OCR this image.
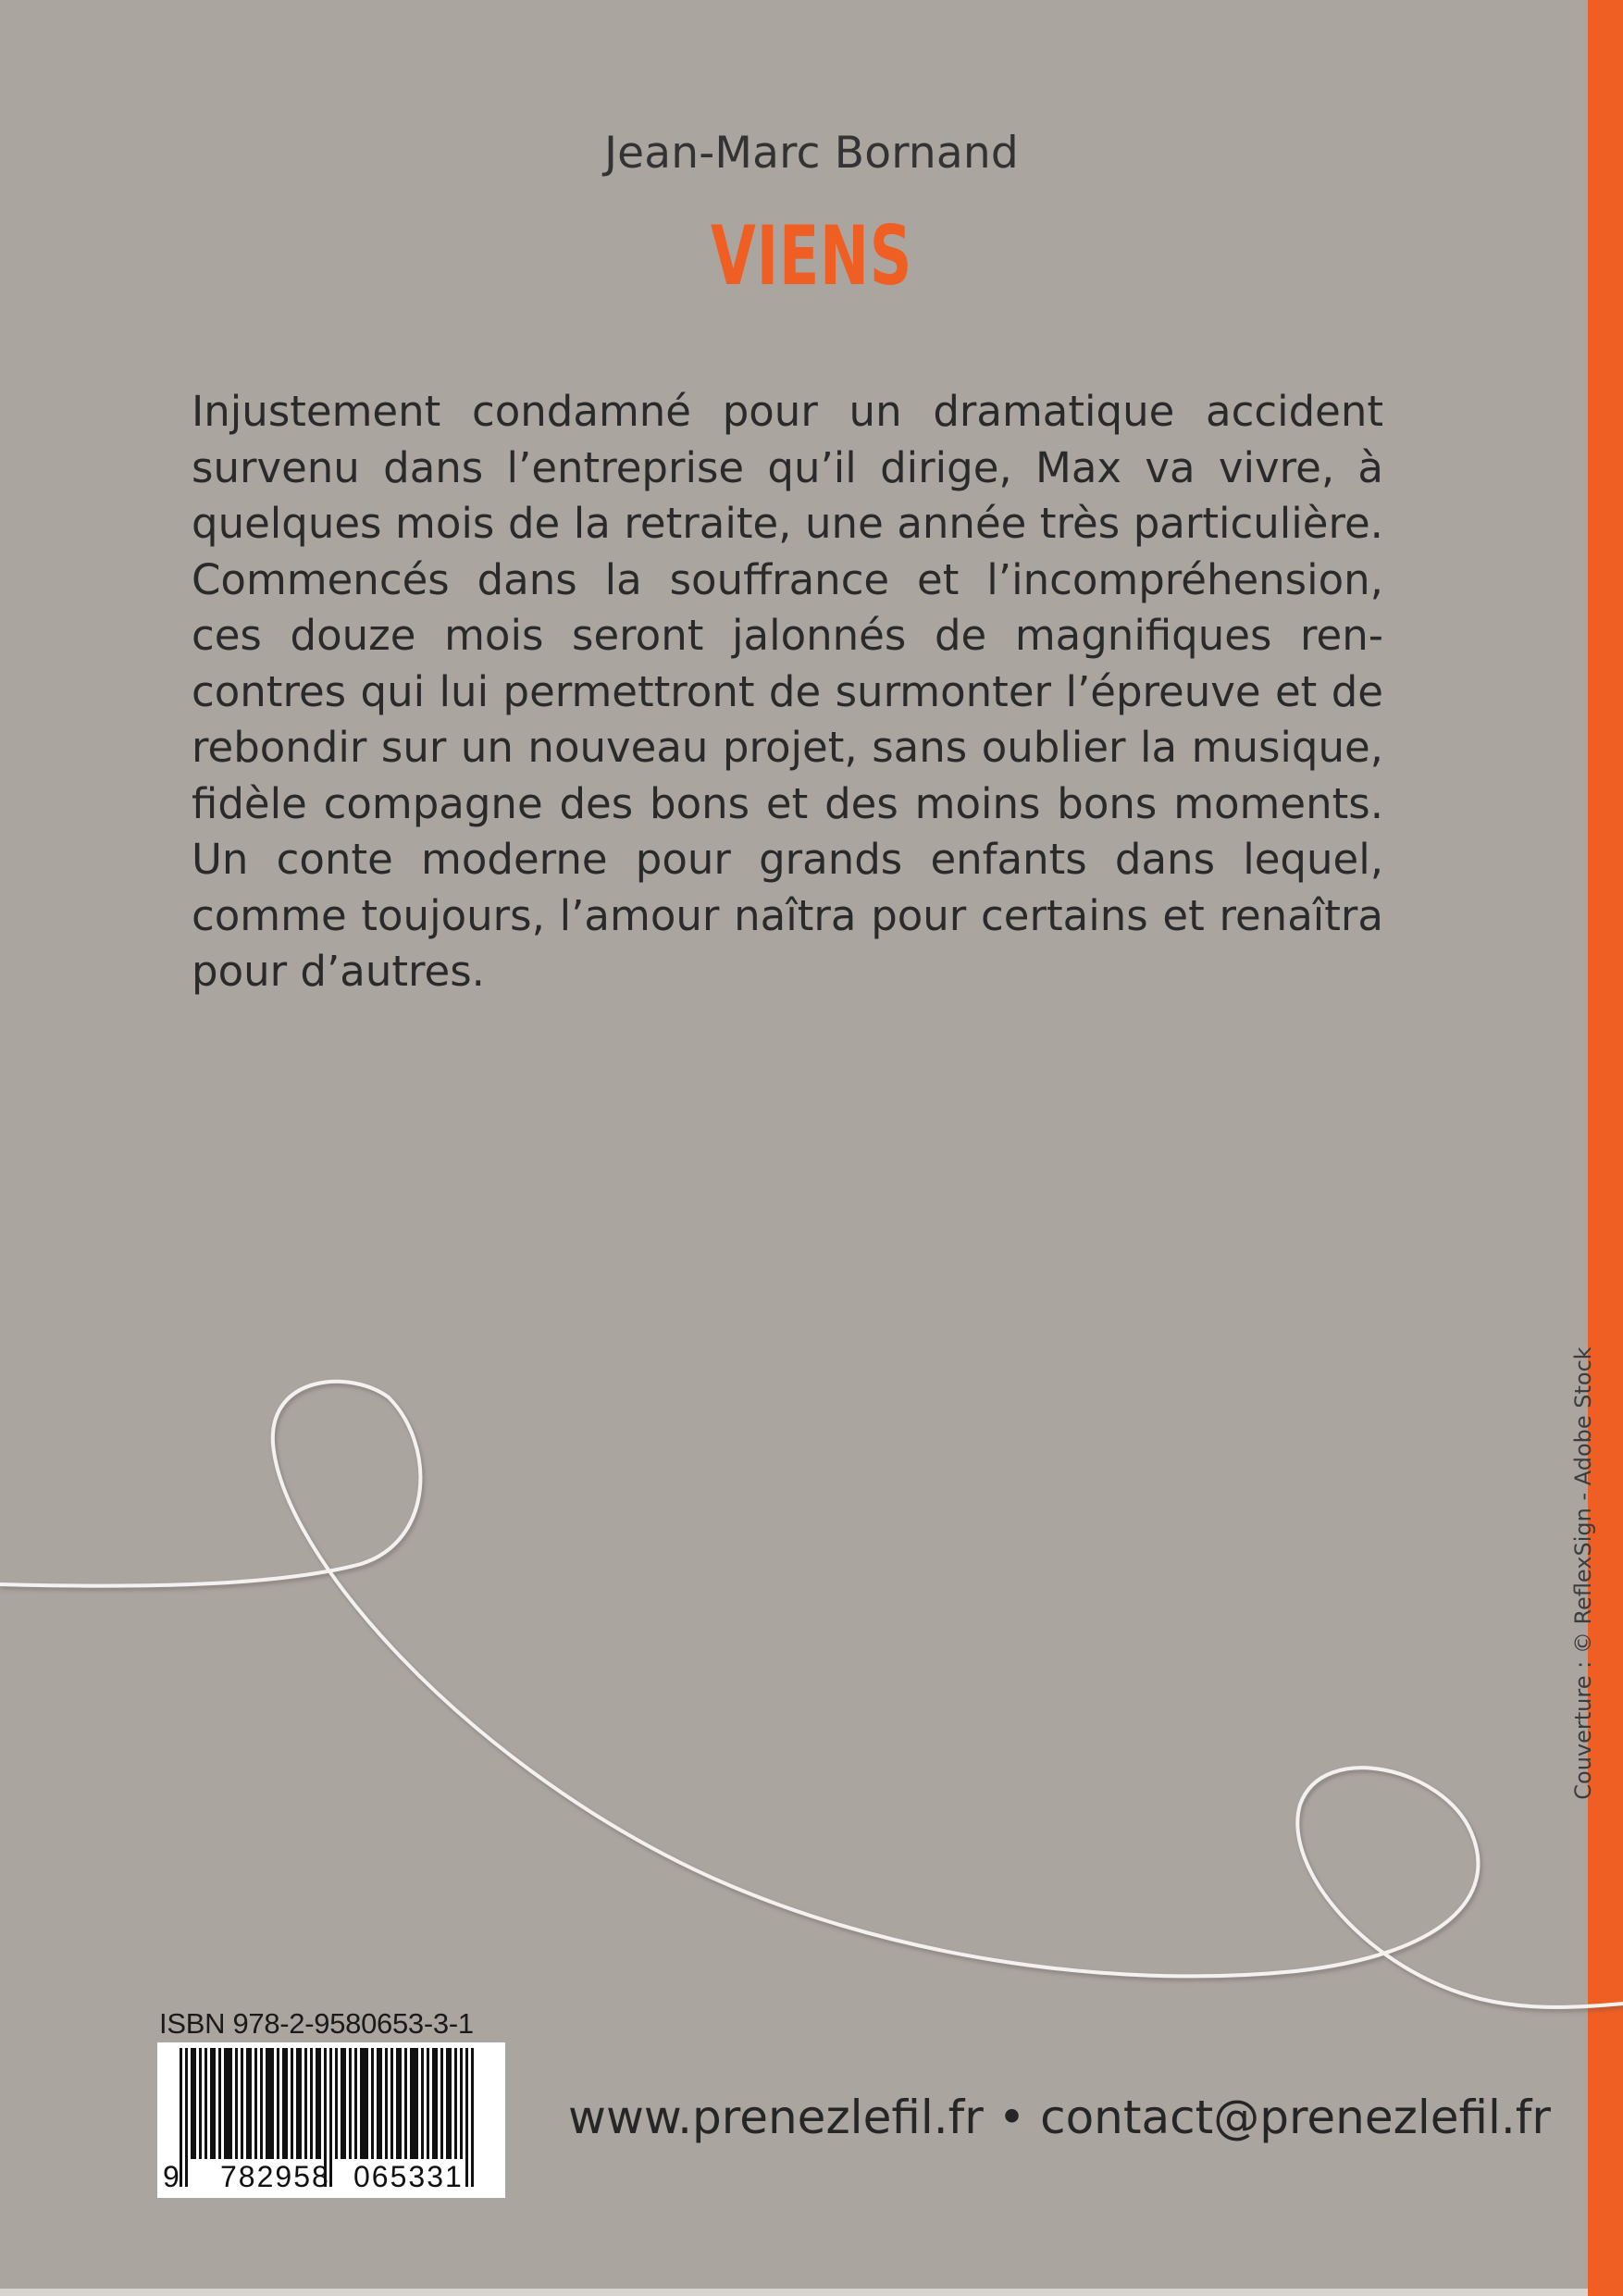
Jean-Marc Bornand
VIENS
Injustement condamné pour un dramatique accident survenu dans l’entreprise qu’il dirige, Max va vivre, à quelques mois de la retraite, une année très particulière. Commencés dans la souffrance et l’incompréhension, ces douze mois seront jalonnés de magnifiques ren- contres qui lui permettront de surmonter l’épreuve et de rebondir sur un nouveau projet, sans oublier la musique, fidèle compagne des bons et des moins bons moments. Un conte moderne pour grands enfants dans lequel, comme toujours, l’amour naîtra pour certains et renaîtra pour d’autres.
Couverture : © ReflexSign - Adobe Stock
ISBN 978-2-9580653-3-1
9 782958 065331
www.prenezlefil.fr • contact@prenezlefil.fr
